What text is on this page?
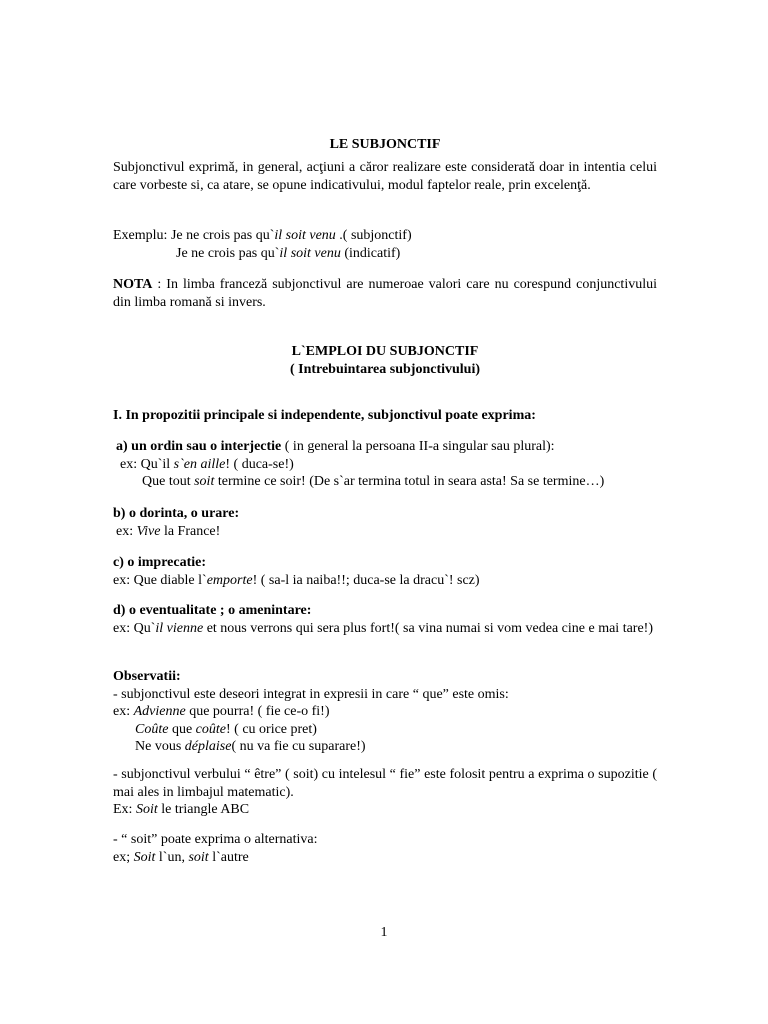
LE SUBJONCTIF
Subjonctivul exprimă, in general, acţiuni a căror realizare este considerată doar in intentia celui care vorbeste si, ca atare, se opune indicativului, modul faptelor reale, prin excelenţă.
Exemplu: Je ne crois pas qu`il soit venu .( subjonctif)
Je ne crois pas qu`il soit venu (indicatif)
NOTA : In limba franceză subjonctivul are numeroae valori care nu corespund conjunctivului din limba romană si invers.
L`EMPLOI DU SUBJONCTIF
( Intrebuintarea subjonctivului)
I. In propozitii principale si independente, subjonctivul poate exprima:
a) un ordin sau o interjectie ( in general la persoana II-a singular sau plural):
ex: Qu`il s`en aille! ( duca-se!)
Que tout soit termine ce soir! (De s`ar termina totul in seara asta! Sa se termine…)
b) o dorinta, o urare:
ex: Vive la France!
c) o imprecatie:
ex: Que diable l`emporte! ( sa-l ia naiba!!; duca-se la dracu`! scz)
d) o eventualitate ; o amenintare:
ex: Qu`il vienne et nous verrons qui sera plus fort!( sa vina numai si vom vedea cine e mai tare!)
Observatii:
- subjonctivul este deseori integrat in expresii in care “ que” este omis:
ex: Advienne que pourra! ( fie ce-o fi!)
Coûte que coûte! ( cu orice pret)
Ne vous déplaise( nu va fie cu suparare!)
- subjonctivul verbului “ être” ( soit) cu intelesul “ fie” este folosit pentru a exprima o supozitie ( mai ales in limbajul matematic).
Ex: Soit le triangle ABC
- “ soit” poate exprima o alternativa:
ex; Soit l`un, soit l`autre
1
